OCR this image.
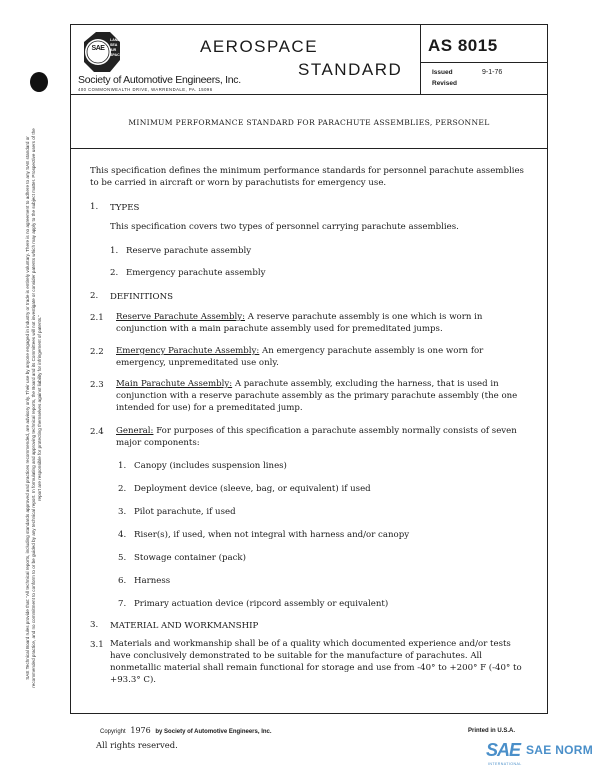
SAE Technical Board rules provide that: "All technical reports, including standards approved and practices recommended, are advisory only. Their use by anyone engaged in industry or trade is entirely voluntary. There is no agreement to adhere to any SAE standard or recommended practice, and no commitment to conform to or be guided by any technical report. In formulating and approving technical reports, the Board and its Committees will not investigate or consider patents which may apply to the subject matter. Prospective users of the report are responsible for protecting themselves against liability for infringement of patents."
SAE
LAND
SEA
AIR
SPACE	AEROSPACE
STANDARD
Society of Automotive Engineers, Inc.
400 COMMONWEALTH DRIVE, WARRENDALE, PA. 15096
AS 8015
Issued	9-1-76
Revised
MINIMUM PERFORMANCE STANDARD FOR PARACHUTE ASSEMBLIES, PERSONNEL
This specification defines the minimum performance standards for personnel parachute assemblies to be carried in aircraft or worn by parachutists for emergency use.
1. TYPES
This specification covers two types of personnel carrying parachute assemblies.
1. Reserve parachute assembly
2. Emergency parachute assembly
2. DEFINITIONS
2.1 Reserve Parachute Assembly: A reserve parachute assembly is one which is worn in conjunction with a main parachute assembly used for premeditated jumps.
2.2 Emergency Parachute Assembly: An emergency parachute assembly is one worn for emergency, unpremeditated use only.
2.3 Main Parachute Assembly: A parachute assembly, excluding the harness, that is used in conjunction with a reserve parachute assembly as the primary parachute assembly (the one intended for use) for a premeditated jump.
2.4 General: For purposes of this specification a parachute assembly normally consists of seven major components:
1. Canopy (includes suspension lines)
2. Deployment device (sleeve, bag, or equivalent) if used
3. Pilot parachute, if used
4. Riser(s), if used, when not integral with harness and/or canopy
5. Stowage container (pack)
6. Harness
7. Primary actuation device (ripcord assembly or equivalent)
3. MATERIAL AND WORKMANSHIP
3.1 Materials and workmanship shall be of a quality which documented experience and/or tests have conclusively demonstrated to be suitable for the manufacture of parachutes. All nonmetallic material shall remain functional for storage and use from -40° to +200° F (-40° to +93.3° C).
Copyright 1976 by Society of Automotive Engineers, Inc.
All rights reserved.
Printed in U.S.A.
SAE SAE NORM
INTERNATIONAL
